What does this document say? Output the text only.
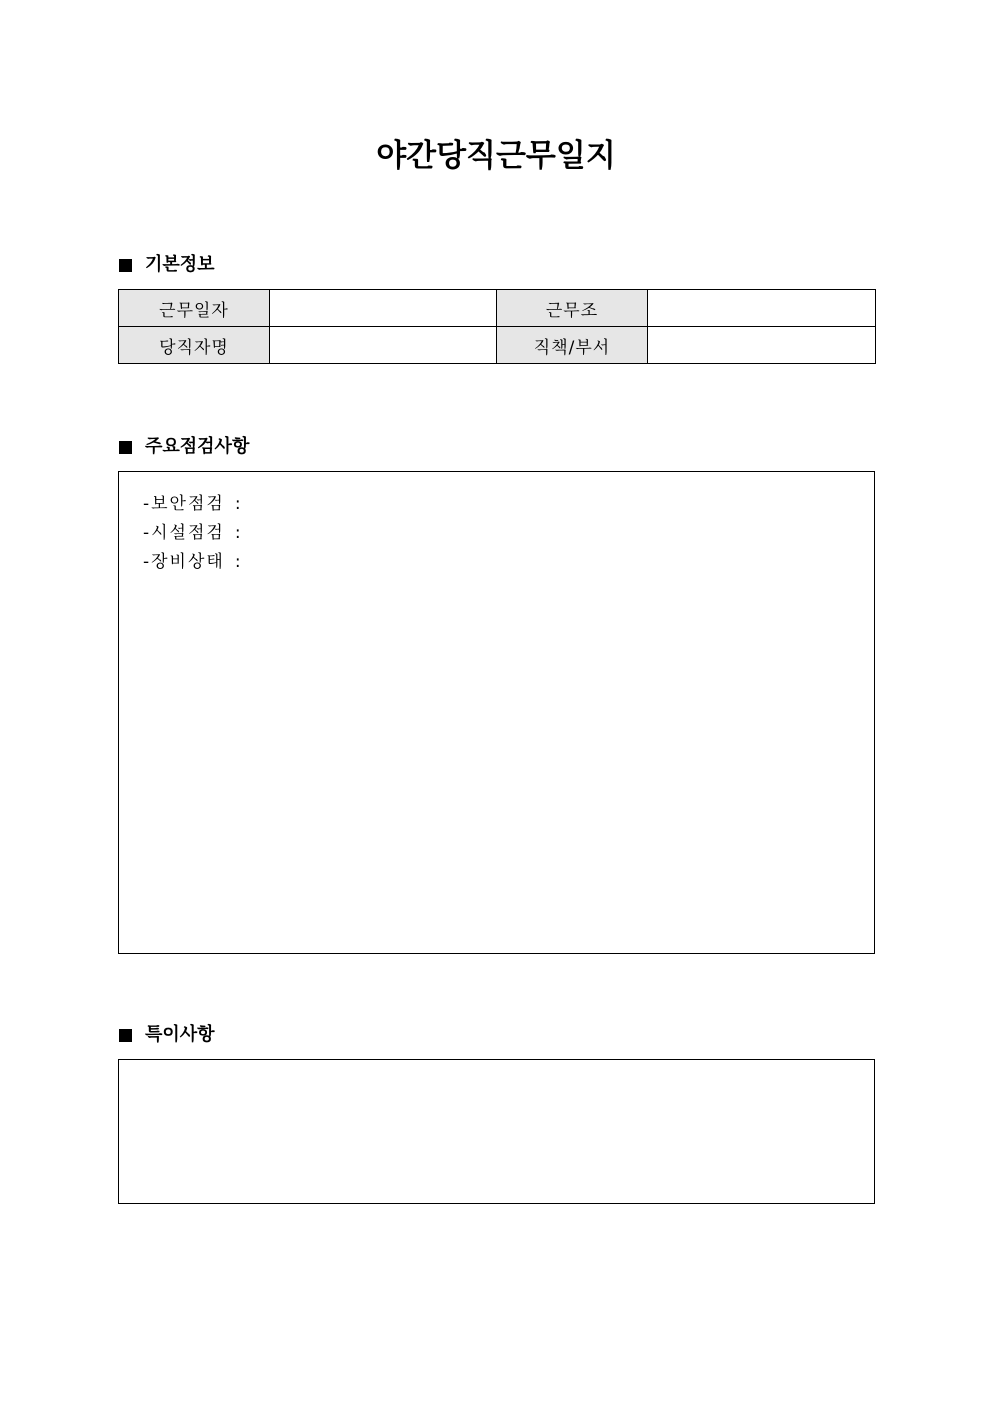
야간당직근무일지
기본정보
근무일자		근무조	
당직자명		직책/부서	
주요점검사항
-보안점검 :
-시설점검 :
-장비상태 :
특이사항
